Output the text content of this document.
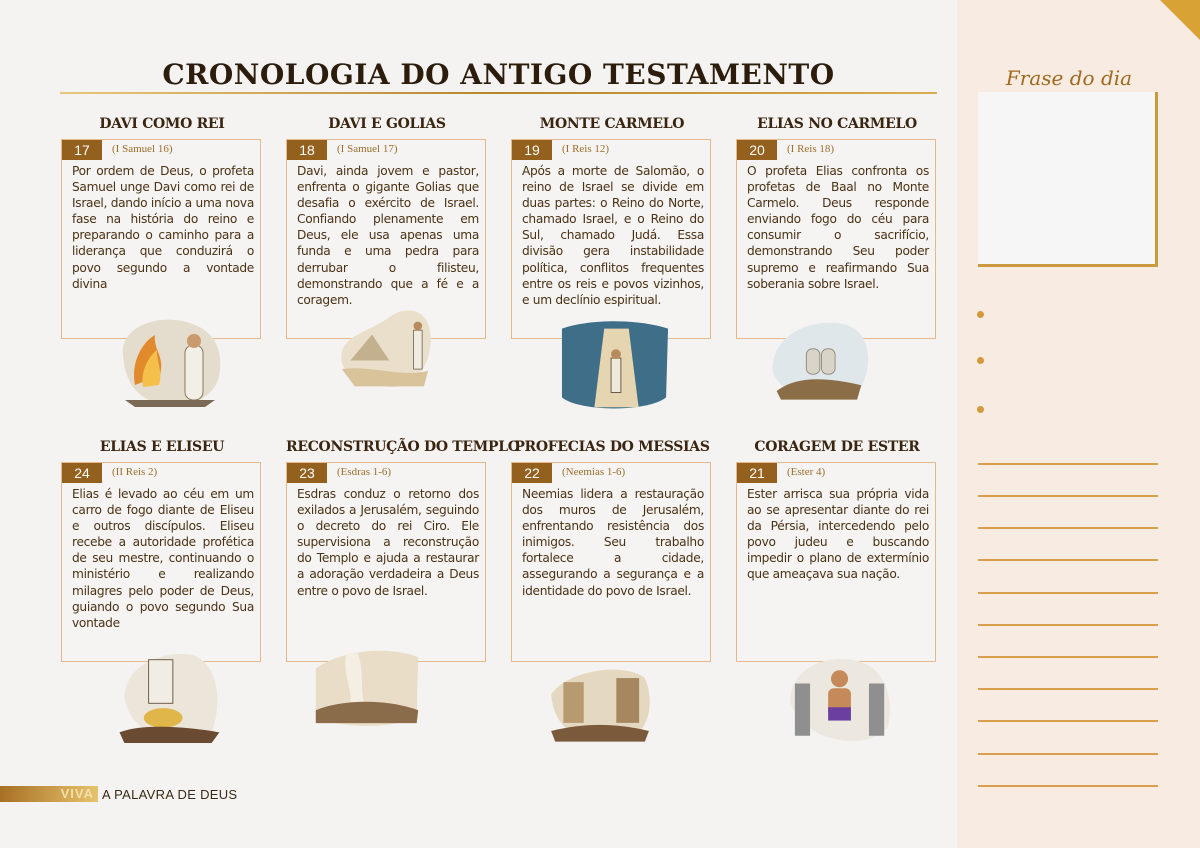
CRONOLOGIA DO ANTIGO TESTAMENTO
DAVI COMO REI
17	(I Samuel 16)
Por ordem de Deus, o profeta Samuel unge Davi como rei de Israel, dando início a uma nova fase na história do reino e preparando o caminho para a liderança que conduzirá o povo segundo a vontade divina
DAVI E GOLIAS
18	(I Samuel 17)
Davi, ainda jovem e pastor, enfrenta o gigante Golias que desafia o exército de Israel. Confiando plenamente em Deus, ele usa apenas uma funda e uma pedra para derrubar o filisteu, demonstrando que a fé e a coragem.
MONTE CARMELO
19	(I Reis 12)
Após a morte de Salomão, o reino de Israel se divide em duas partes: o Reino do Norte, chamado Israel, e o Reino do Sul, chamado Judá. Essa divisão gera instabilidade política, conflitos frequentes entre os reis e povos vizinhos, e um declínio espiritual.
ELIAS NO CARMELO
20	(I Reis 18)
O profeta Elias confronta os profetas de Baal no Monte Carmelo. Deus responde enviando fogo do céu para consumir o sacrifício, demonstrando Seu poder supremo e reafirmando Sua soberania sobre Israel.
ELIAS E ELISEU
24	(II Reis 2)
Elias é levado ao céu em um carro de fogo diante de Eliseu e outros discípulos. Eliseu recebe a autoridade profética de seu mestre, continuando o ministério e realizando milagres pelo poder de Deus, guiando o povo segundo Sua vontade
RECONSTRUÇÃO DO TEMPLO
23	(Esdras 1-6)
Esdras conduz o retorno dos exilados a Jerusalém, seguindo o decreto do rei Ciro. Ele supervisiona a reconstrução do Templo e ajuda a restaurar a adoração verdadeira a Deus entre o povo de Israel.
PROFECIAS DO MESSIAS
22	(Neemias 1-6)
Neemias lidera a restauração dos muros de Jerusalém, enfrentando resistência dos inimigos. Seu trabalho fortalece a cidade, assegurando a segurança e a identidade do povo de Israel.
CORAGEM DE ESTER
21	(Ester 4)
Ester arrisca sua própria vida ao se apresentar diante do rei da Pérsia, intercedendo pelo povo judeu e buscando impedir o plano de extermínio que ameaçava sua nação.
Frase do dia
VIVA A PALAVRA DE DEUS
